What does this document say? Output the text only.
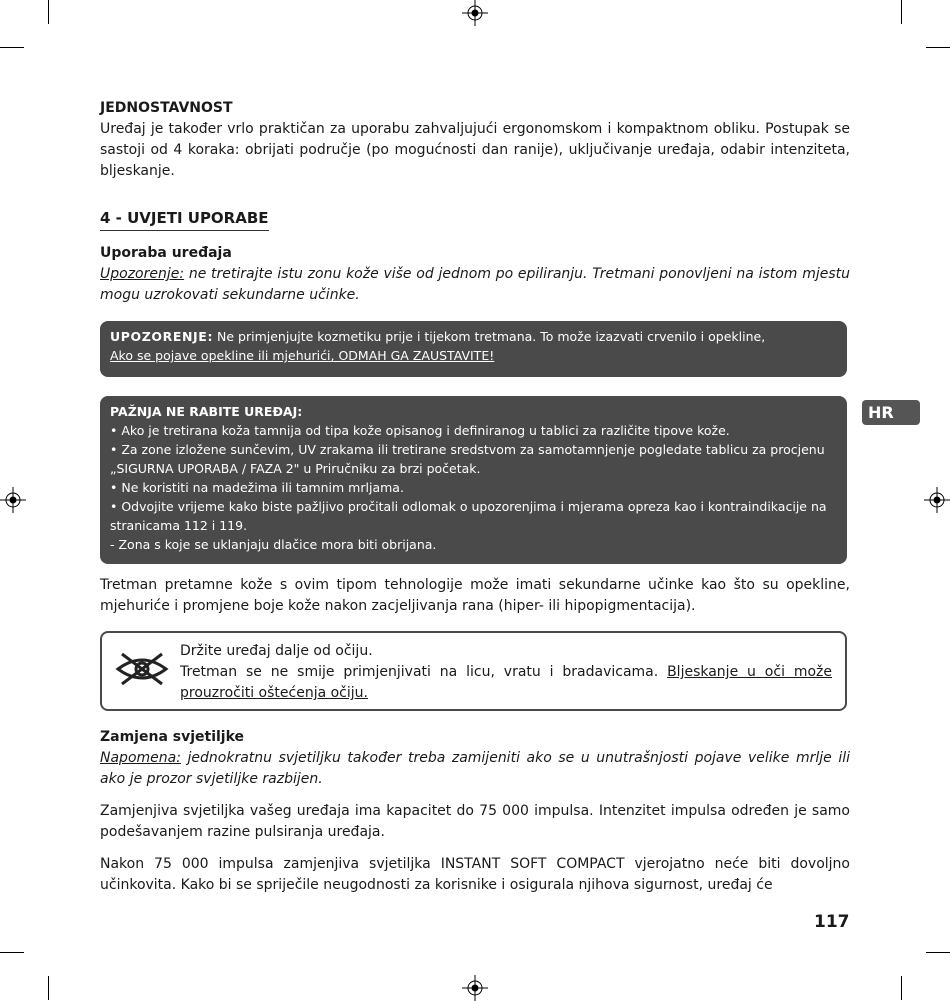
JEDNOSTAVNOST

Uređaj je također vrlo praktičan za uporabu zahvaljujući ergonomskom i kompaktnom obliku. Postupak se sastoji od 4 koraka: obrijati područje (po mogućnosti dan ranije), uključivanje uređaja, odabir intenziteta, bljeskanje.

4 - UVJETI UPORABE

Uporaba uređaja

Upozorenje: ne tretirajte istu zonu kože više od jednom po epiliranju. Tretmani ponovljeni na istom mjestu mogu uzrokovati sekundarne učinke.

UPOZORENJE: Ne primjenjujte kozmetiku prije i tijekom tretmana. To može izazvati crvenilo i opekline,

Ako se pojave opekline ili mjehurići, ODMAH GA ZAUSTAVITE!

PAŽNJA NE RABITE UREĐAJ:

• Ako je tretirana koža tamnija od tipa kože opisanog i definiranog u tablici za različite tipove kože.

• Za zone izložene sunčevim, UV zrakama ili tretirane sredstvom za samotamnjenje pogledate tablicu za procjenu „SIGURNA UPORABA / FAZA 2" u Priručniku za brzi početak.

• Ne koristiti na madežima ili tamnim mrljama.

• Odvojite vrijeme kako biste pažljivo pročitali odlomak o upozorenjima i mjerama opreza kao i kontraindikacije na stranicama 112 i 119.

- Zona s koje se uklanjaju dlačice mora biti obrijana.

Tretman pretamne kože s ovim tipom tehnologije može imati sekundarne učinke kao što su opekline, mjehuriće i promjene boje kože nakon zacjeljivanja rana (hiper- ili hipopigmentacija).

Držite uređaj dalje od očiju.

Tretman se ne smije primjenjivati na licu, vratu i bradavicama. Bljeskanje u oči može prouzročiti oštećenja očiju.

Zamjena svjetiljke

Napomena: jednokratnu svjetiljku također treba zamijeniti ako se u unutrašnjosti pojave velike mrlje ili ako je prozor svjetiljke razbijen.

Zamjenjiva svjetiljka vašeg uređaja ima kapacitet do 75 000 impulsa. Intenzitet impulsa određen je samo podešavanjem razine pulsiranja uređaja.

Nakon 75 000 impulsa zamjenjiva svjetiljka INSTANT SOFT COMPACT vjerojatno neće biti dovoljno učinkovita. Kako bi se spriječile neugodnosti za korisnike i osigurala njihova sigurnost, uređaj će

HR
117
